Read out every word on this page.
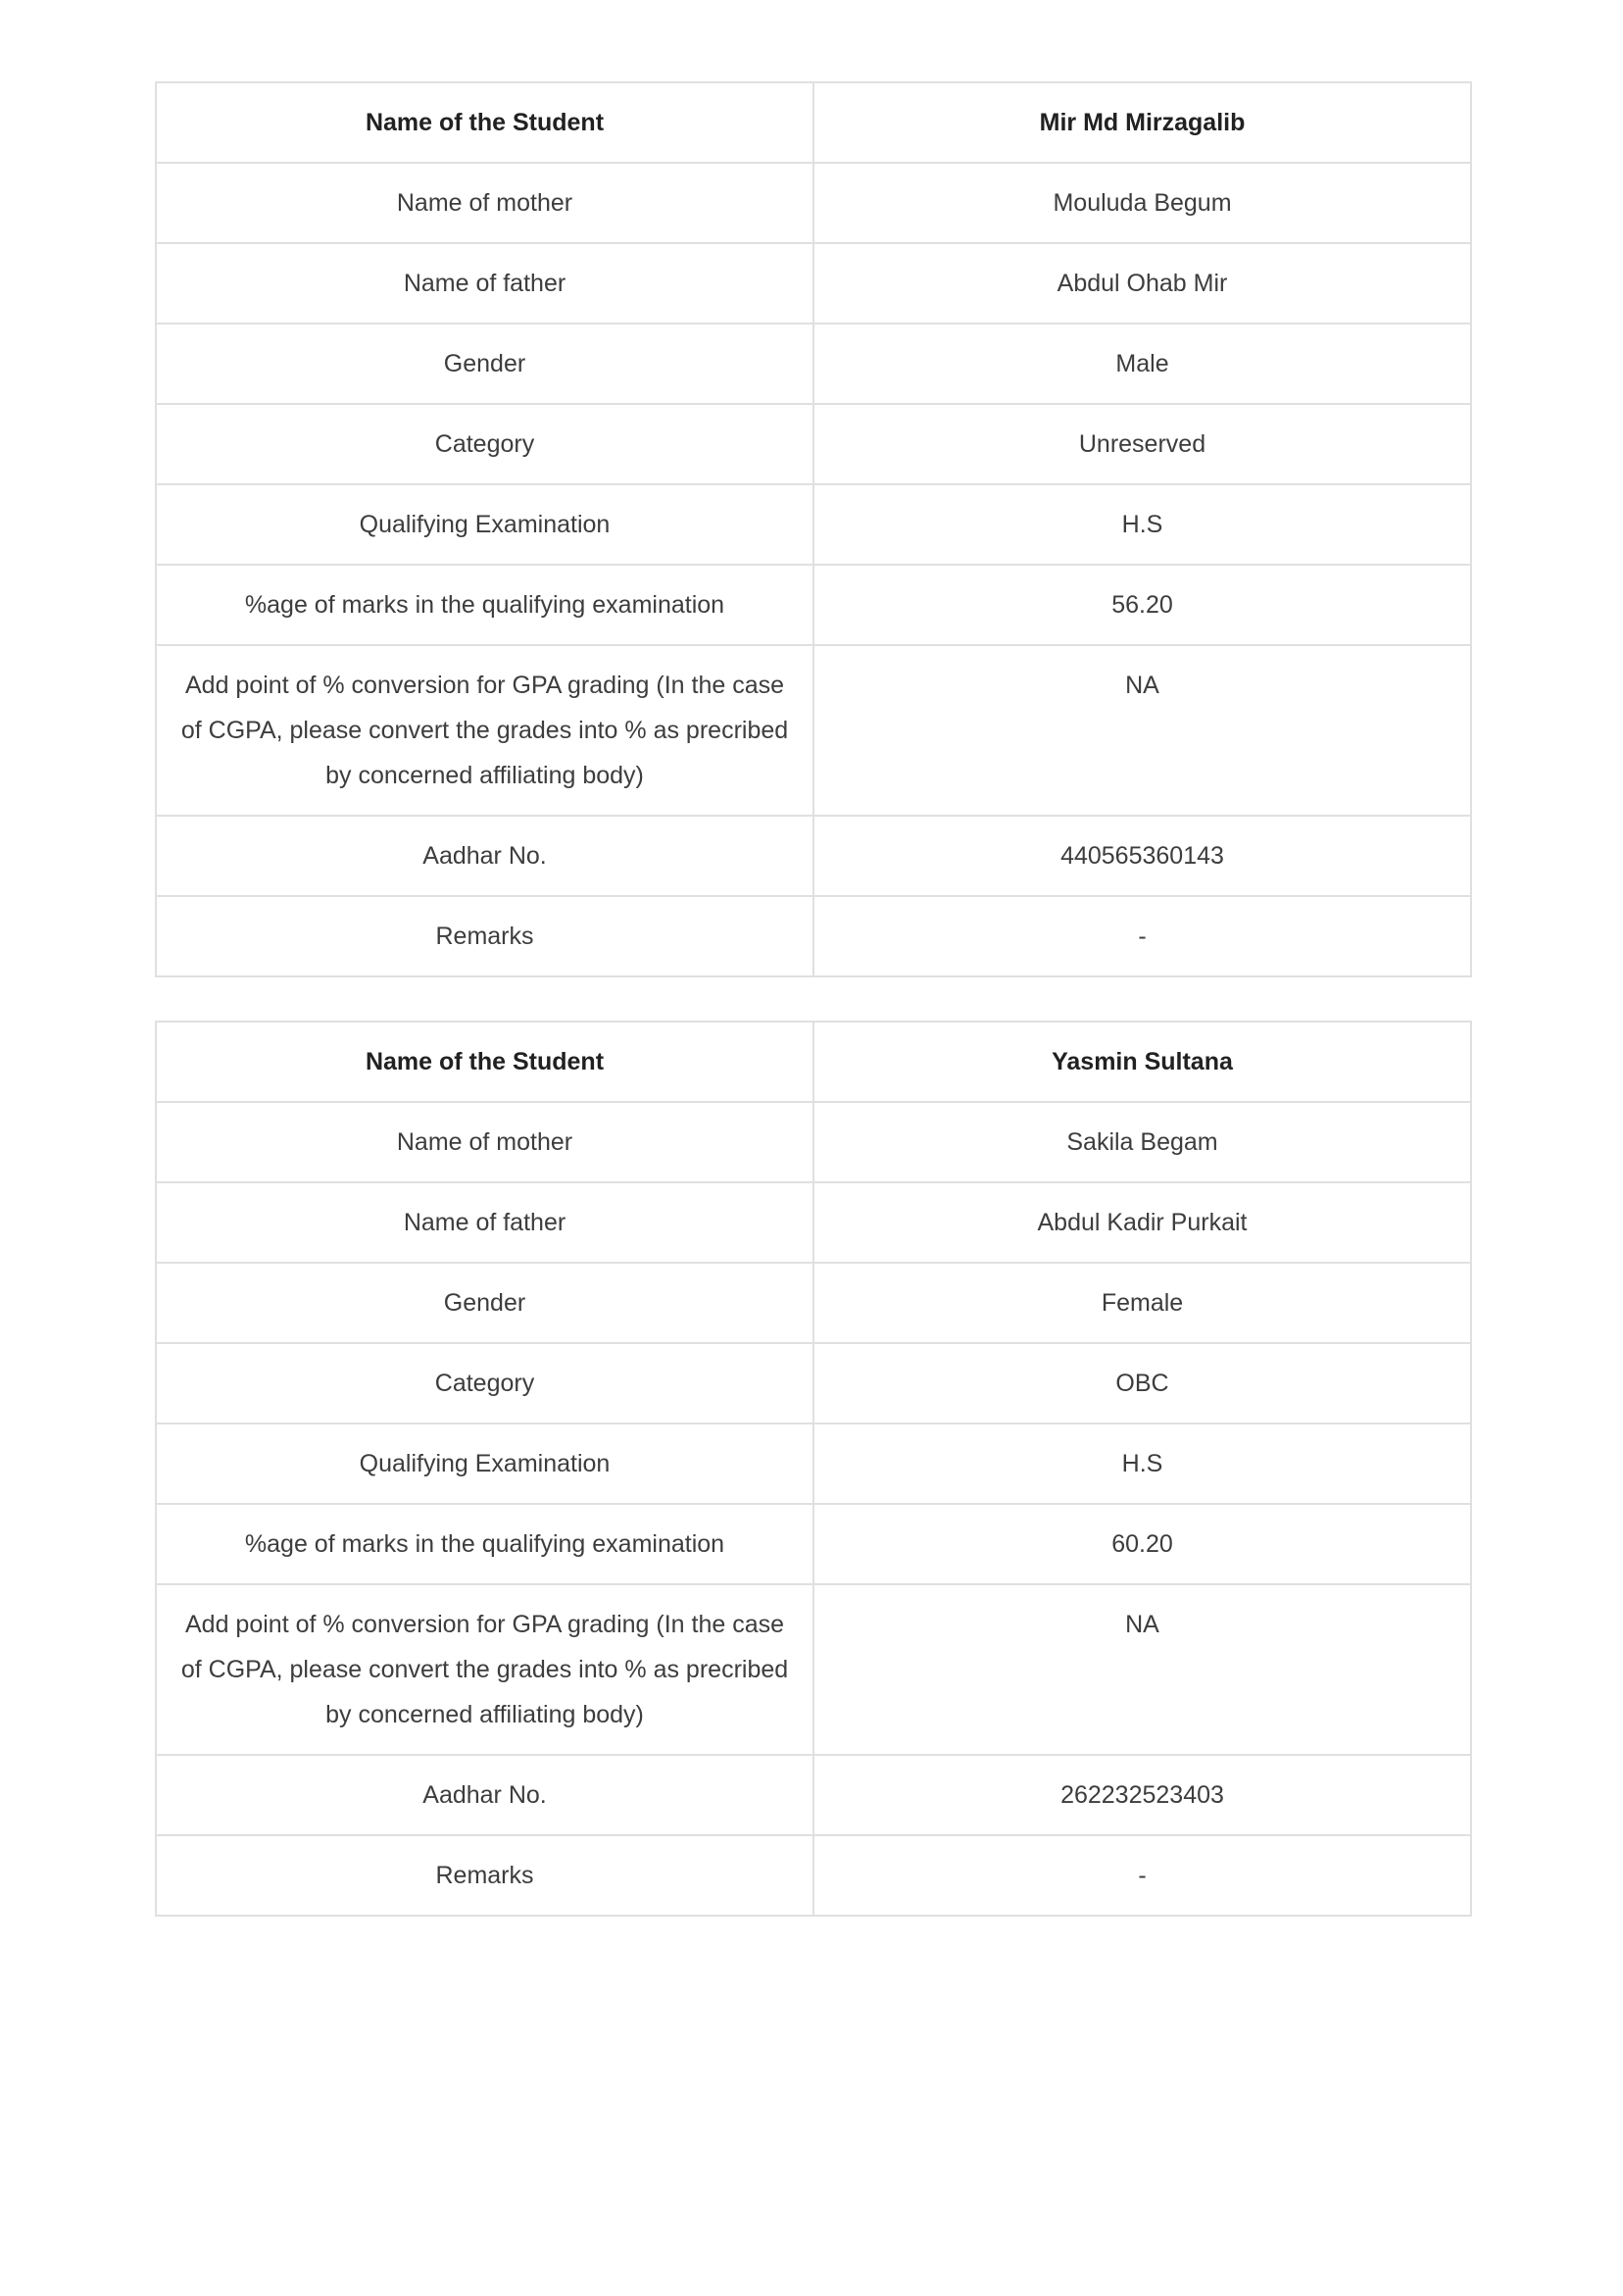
Name of the Student	Mir Md Mirzagalib
Name of mother	Mouluda Begum
Name of father	Abdul Ohab Mir
Gender	Male
Category	Unreserved
Qualifying Examination	H.S
%age of marks in the qualifying examination	56.20
Add point of % conversion for GPA grading (In the case of CGPA, please convert the grades into % as precribed by concerned affiliating body)	NA
Aadhar No.	440565360143
Remarks	-
Name of the Student	Yasmin Sultana
Name of mother	Sakila Begam
Name of father	Abdul Kadir Purkait
Gender	Female
Category	OBC
Qualifying Examination	H.S
%age of marks in the qualifying examination	60.20
Add point of % conversion for GPA grading (In the case of CGPA, please convert the grades into % as precribed by concerned affiliating body)	NA
Aadhar No.	262232523403
Remarks	-
